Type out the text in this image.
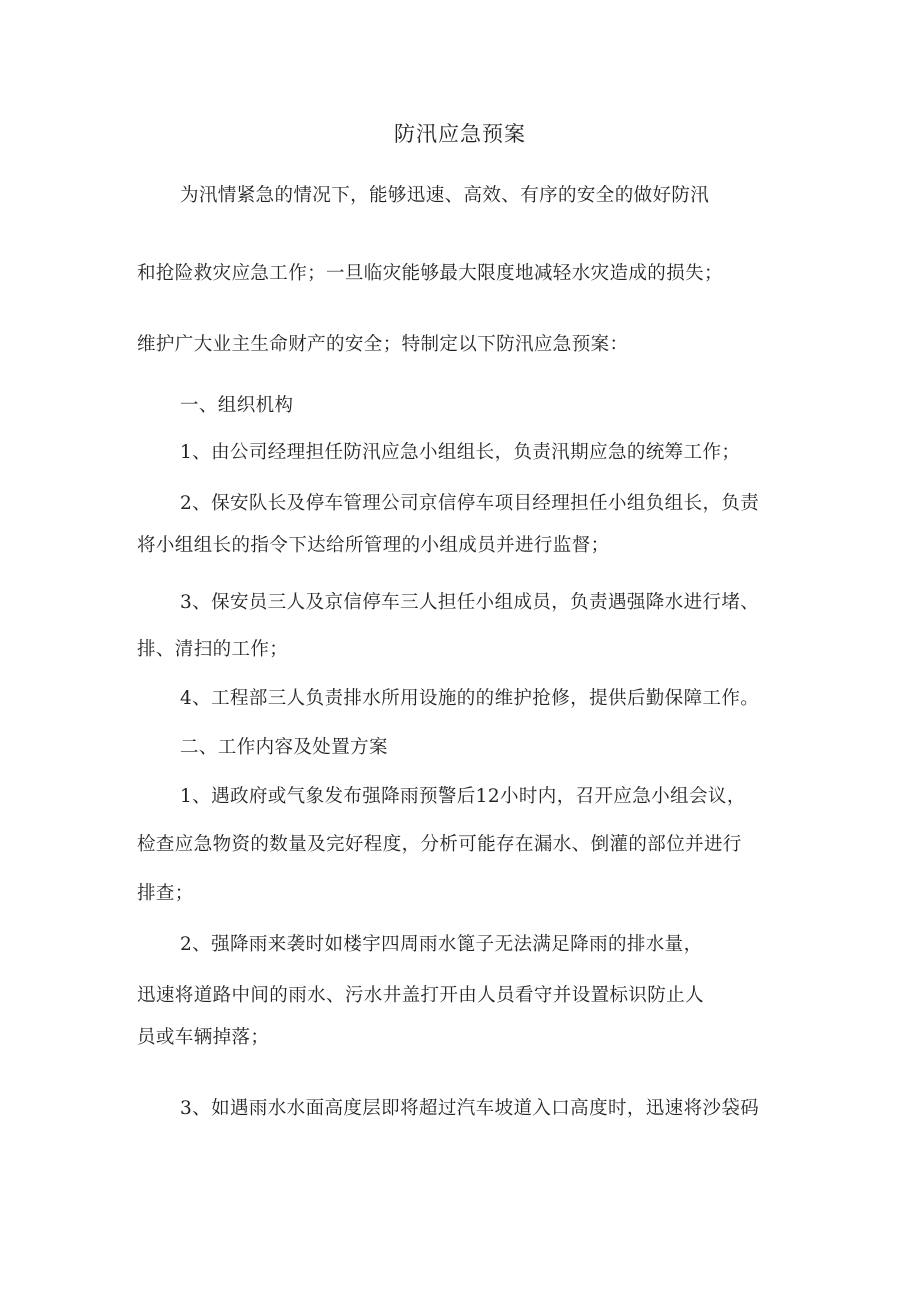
防汛应急预案
为汛情紧急的情况下，能够迅速、高效、有序的安全的做好防汛
和抢险救灾应急工作；一旦临灾能够最大限度地减轻水灾造成的损失；
维护广大业主生命财产的安全；特制定以下防汛应急预案：
一、组织机构
1、由公司经理担任防汛应急小组组长，负责汛期应急的统筹工作；
2、保安队长及停车管理公司京信停车项目经理担任小组负组长，负责
将小组组长的指令下达给所管理的小组成员并进行监督；
3、保安员三人及京信停车三人担任小组成员，负责遇强降水进行堵、
排、清扫的工作；
4、工程部三人负责排水所用设施的的维护抢修，提供后勤保障工作。
二、工作内容及处置方案
1、遇政府或气象发布强降雨预警后12小时内，召开应急小组会议，
检查应急物资的数量及完好程度，分析可能存在漏水、倒灌的部位并进行
排查；
2、强降雨来袭时如楼宇四周雨水篦子无法满足降雨的排水量，
迅速将道路中间的雨水、污水井盖打开由人员看守并设置标识防止人
员或车辆掉落；
3、如遇雨水水面高度层即将超过汽车坡道入口高度时，迅速将沙袋码
